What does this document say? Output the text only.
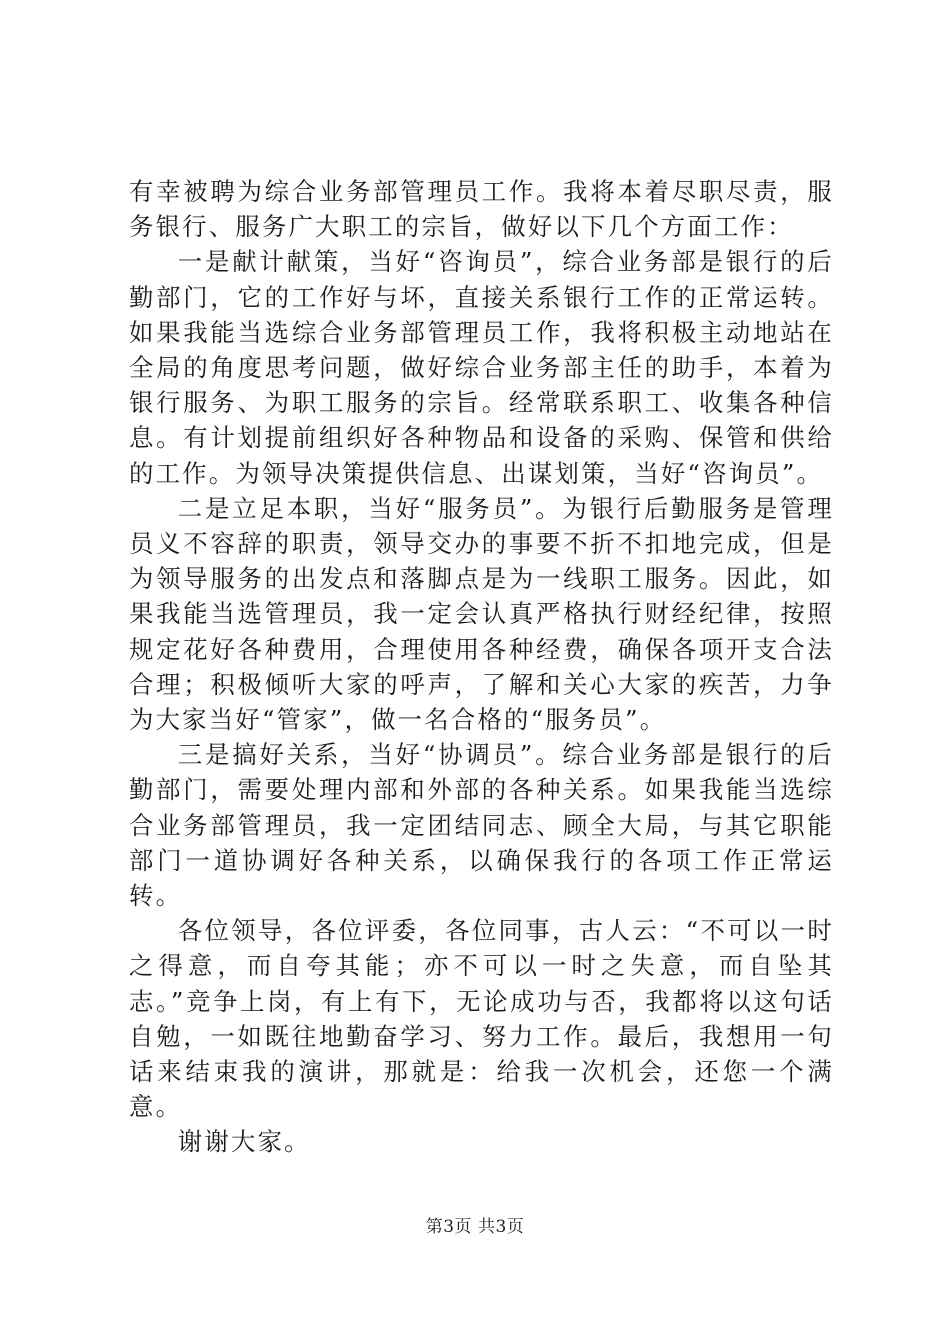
有幸被聘为综合业务部管理员工作。我将本着尽职尽责，服务银行、服务广大职工的宗旨，做好以下几个方面工作：

一是献计献策，当好“咨询员”，综合业务部是银行的后勤部门，它的工作好与坏，直接关系银行工作的正常运转。如果我能当选综合业务部管理员工作，我将积极主动地站在全局的角度思考问题，做好综合业务部主任的助手，本着为银行服务、为职工服务的宗旨。经常联系职工、收集各种信息。有计划提前组织好各种物品和设备的采购、保管和供给的工作。为领导决策提供信息、出谋划策，当好“咨询员”。

二是立足本职，当好“服务员”。为银行后勤服务是管理员义不容辞的职责，领导交办的事要不折不扣地完成，但是为领导服务的出发点和落脚点是为一线职工服务。因此，如果我能当选管理员，我一定会认真严格执行财经纪律，按照规定花好各种费用，合理使用各种经费，确保各项开支合法合理；积极倾听大家的呼声，了解和关心大家的疾苦，力争为大家当好“管家”，做一名合格的“服务员”。

三是搞好关系，当好“协调员”。综合业务部是银行的后勤部门，需要处理内部和外部的各种关系。如果我能当选综合业务部管理员，我一定团结同志、顾全大局，与其它职能部门一道协调好各种关系，以确保我行的各项工作正常运转。

各位领导，各位评委，各位同事，古人云：“不可以一时之得意，而自夸其能；亦不可以一时之失意，而自坠其志。”竞争上岗，有上有下，无论成功与否，我都将以这句话自勉，一如既往地勤奋学习、努力工作。最后，我想用一句话来结束我的演讲，那就是：给我一次机会，还您一个满意。

谢谢大家。

第3页 共3页
